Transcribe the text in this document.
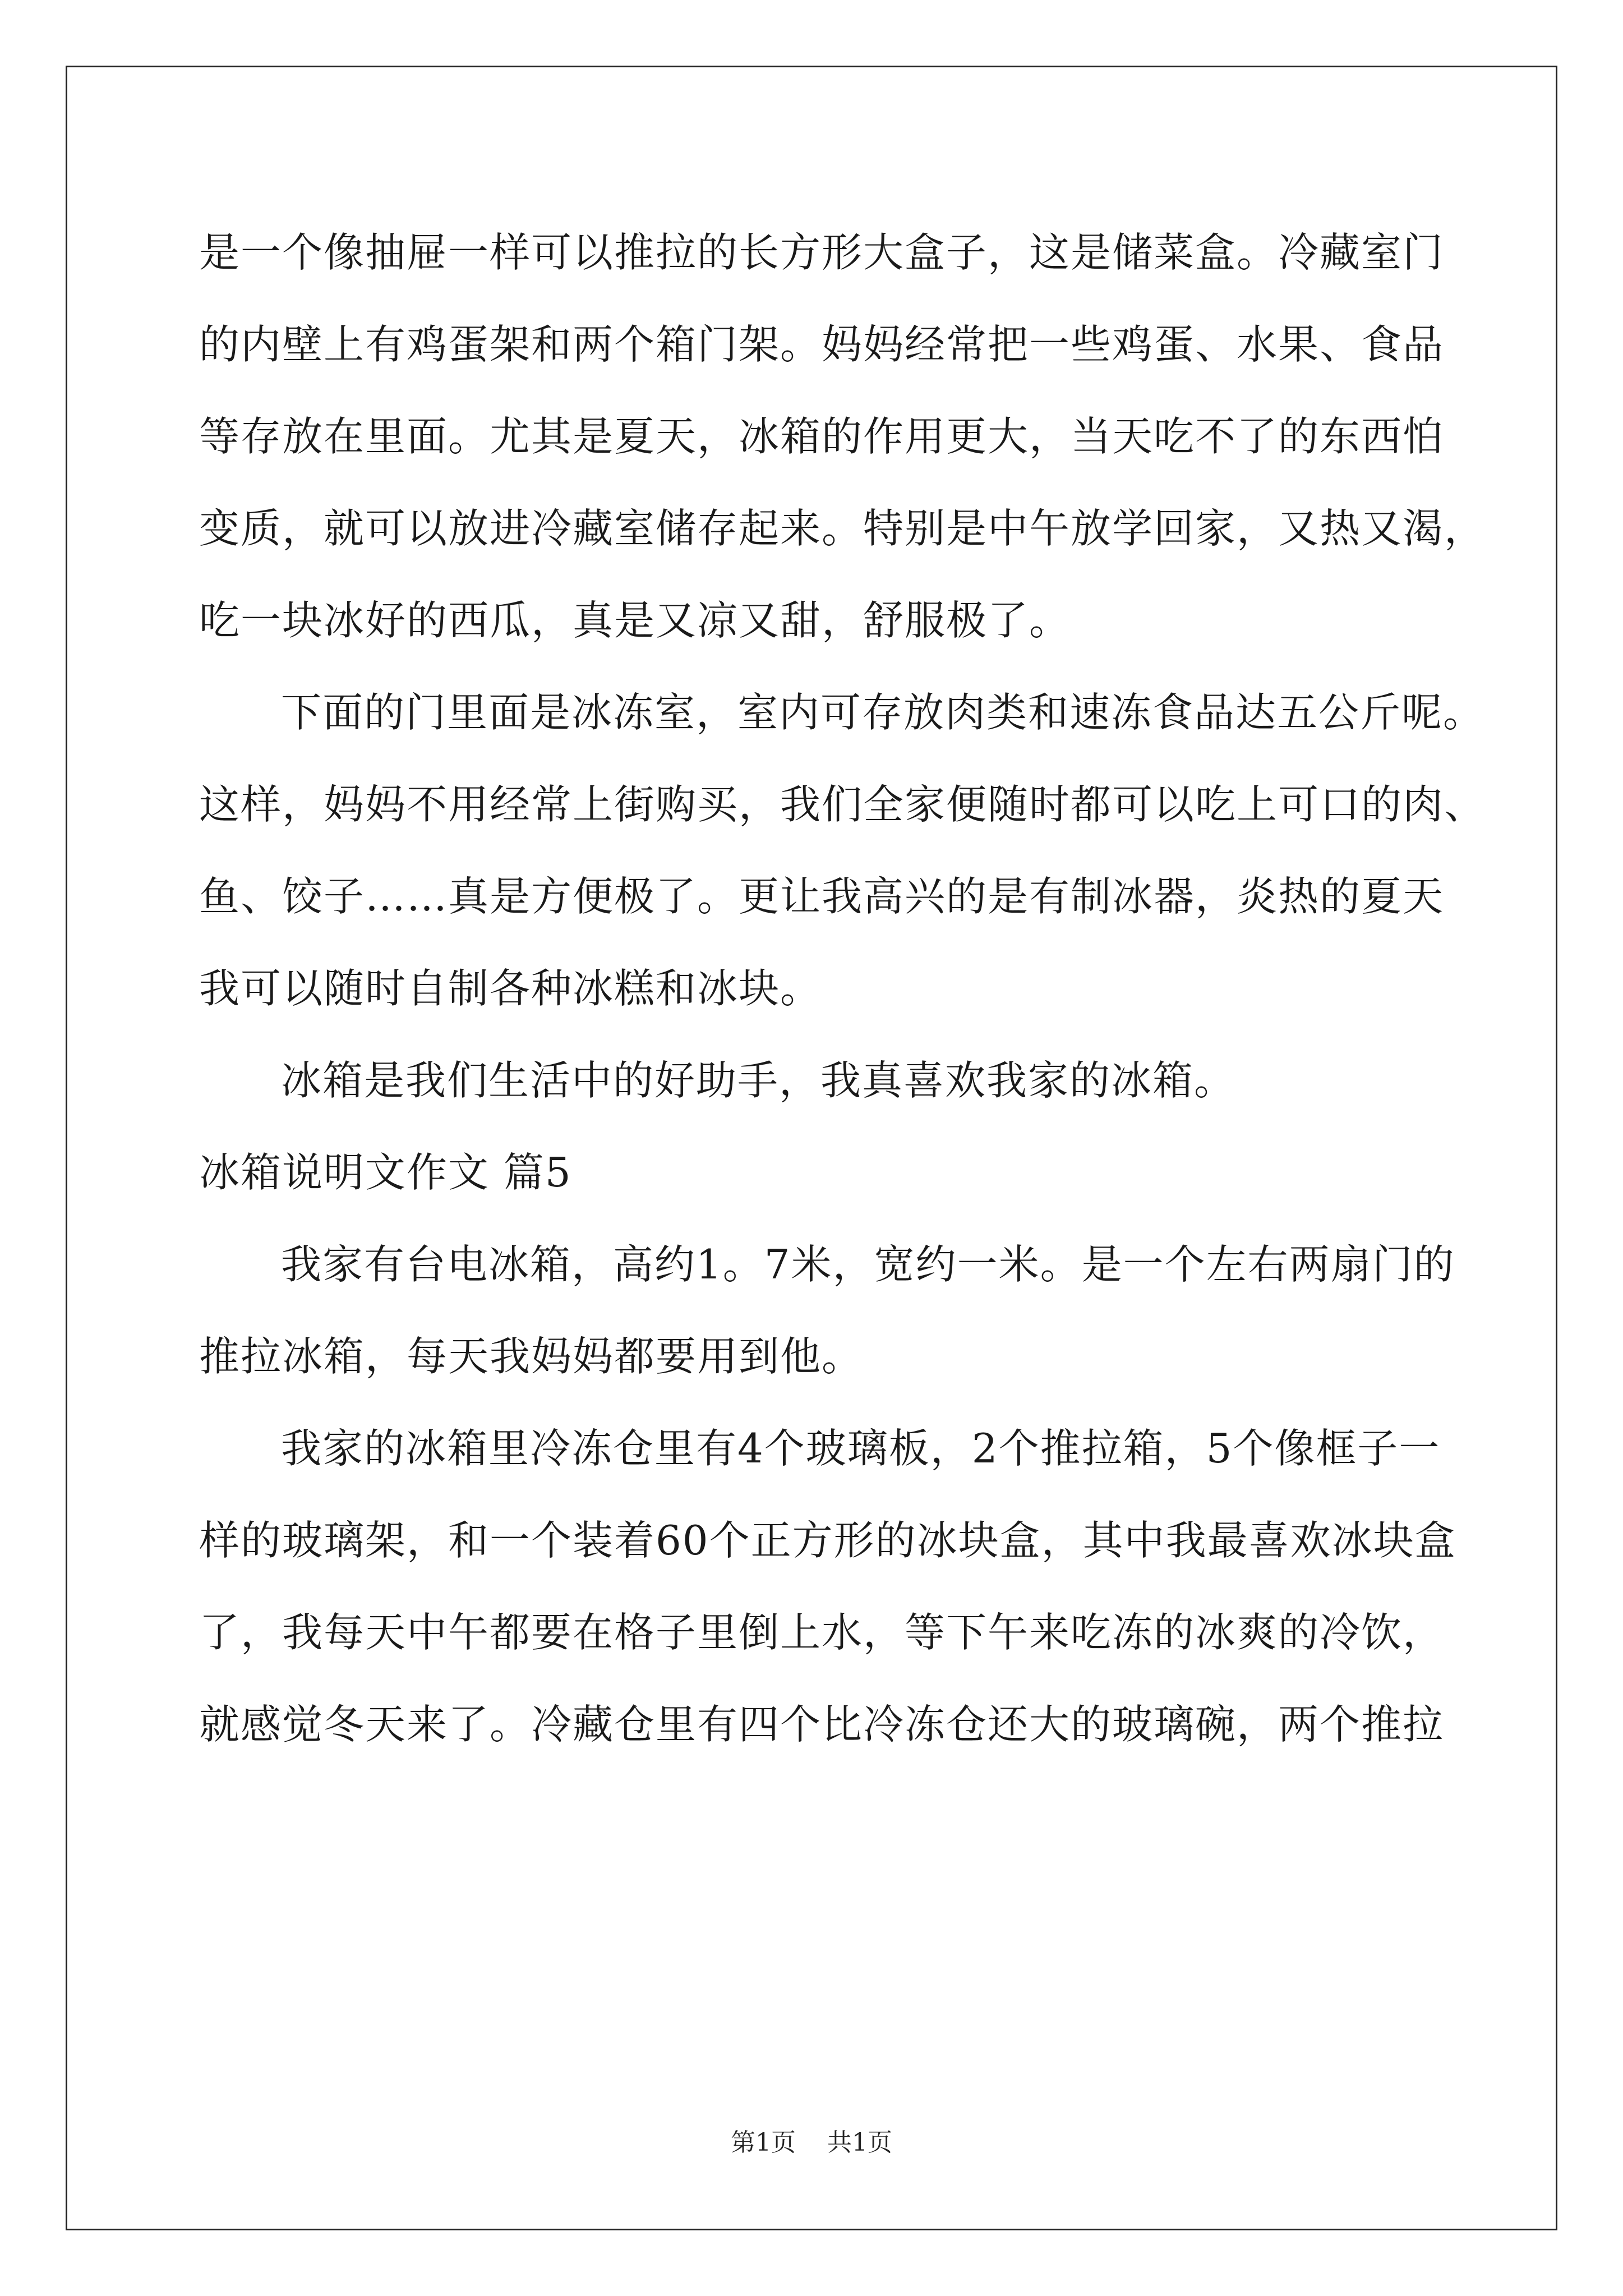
是一个像抽屉一样可以推拉的长方形大盒子，这是储菜盒。冷藏室门
的内壁上有鸡蛋架和两个箱门架。妈妈经常把一些鸡蛋、水果、食品
等存放在里面。尤其是夏天，冰箱的作用更大，当天吃不了的东西怕
变质，就可以放进冷藏室储存起来。特别是中午放学回家，又热又渴，
吃一块冰好的西瓜，真是又凉又甜，舒服极了。
下面的门里面是冰冻室，室内可存放肉类和速冻食品达五公斤呢。
这样，妈妈不用经常上街购买，我们全家便随时都可以吃上可口的肉、
鱼、饺子……真是方便极了。更让我高兴的是有制冰器，炎热的夏天
我可以随时自制各种冰糕和冰块。
冰箱是我们生活中的好助手，我真喜欢我家的冰箱。
冰箱说明文作文 篇5
我家有台电冰箱，高约1。7米，宽约一米。是一个左右两扇门的
推拉冰箱，每天我妈妈都要用到他。
我家的冰箱里冷冻仓里有4个玻璃板，2个推拉箱，5个像框子一
样的玻璃架，和一个装着60个正方形的冰块盒，其中我最喜欢冰块盒
了，我每天中午都要在格子里倒上水，等下午来吃冻的冰爽的冷饮，
就感觉冬天来了。冷藏仓里有四个比冷冻仓还大的玻璃碗，两个推拉
第1页 共1页
